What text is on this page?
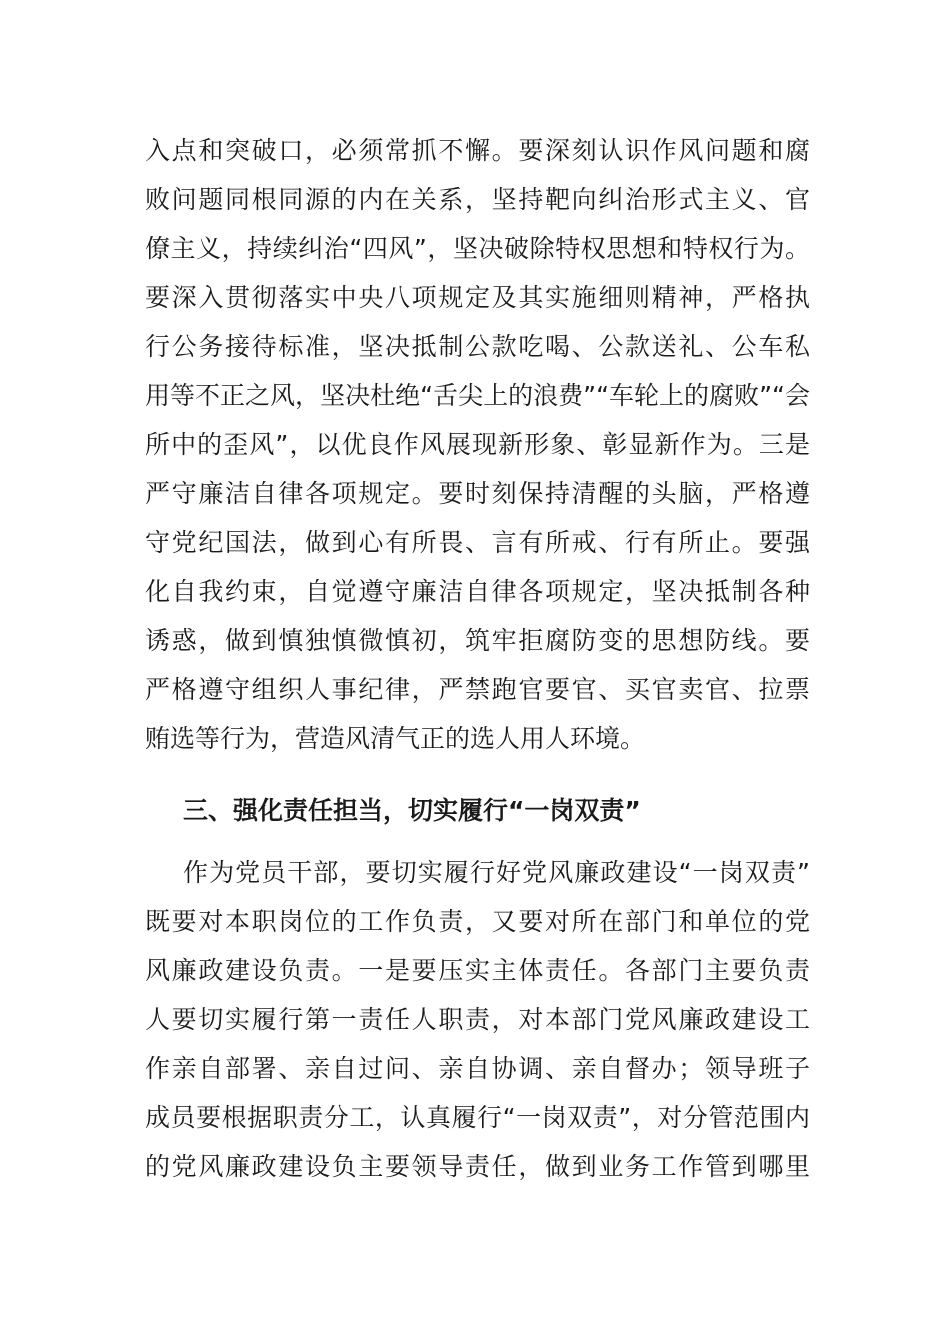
入点和突破口，必须常抓不懈。要深刻认识作风问题和腐
败问题同根同源的内在关系，坚持靶向纠治形式主义、官
僚主义，持续纠治“四风”，坚决破除特权思想和特权行为。
要深入贯彻落实中央八项规定及其实施细则精神，严格执
行公务接待标准，坚决抵制公款吃喝、公款送礼、公车私
用等不正之风，坚决杜绝“舌尖上的浪费”“车轮上的腐败”“会
所中的歪风”，以优良作风展现新形象、彰显新作为。三是
严守廉洁自律各项规定。要时刻保持清醒的头脑，严格遵
守党纪国法，做到心有所畏、言有所戒、行有所止。要强
化自我约束，自觉遵守廉洁自律各项规定，坚决抵制各种
诱惑，做到慎独慎微慎初，筑牢拒腐防变的思想防线。要
严格遵守组织人事纪律，严禁跑官要官、买官卖官、拉票
贿选等行为，营造风清气正的选人用人环境。
三、强化责任担当，切实履行“一岗双责”
作为党员干部，要切实履行好党风廉政建设“一岗双责”
既要对本职岗位的工作负责，又要对所在部门和单位的党
风廉政建设负责。一是要压实主体责任。各部门主要负责
人要切实履行第一责任人职责，对本部门党风廉政建设工
作亲自部署、亲自过问、亲自协调、亲自督办；领导班子
成员要根据职责分工，认真履行“一岗双责”，对分管范围内
的党风廉政建设负主要领导责任，做到业务工作管到哪里
